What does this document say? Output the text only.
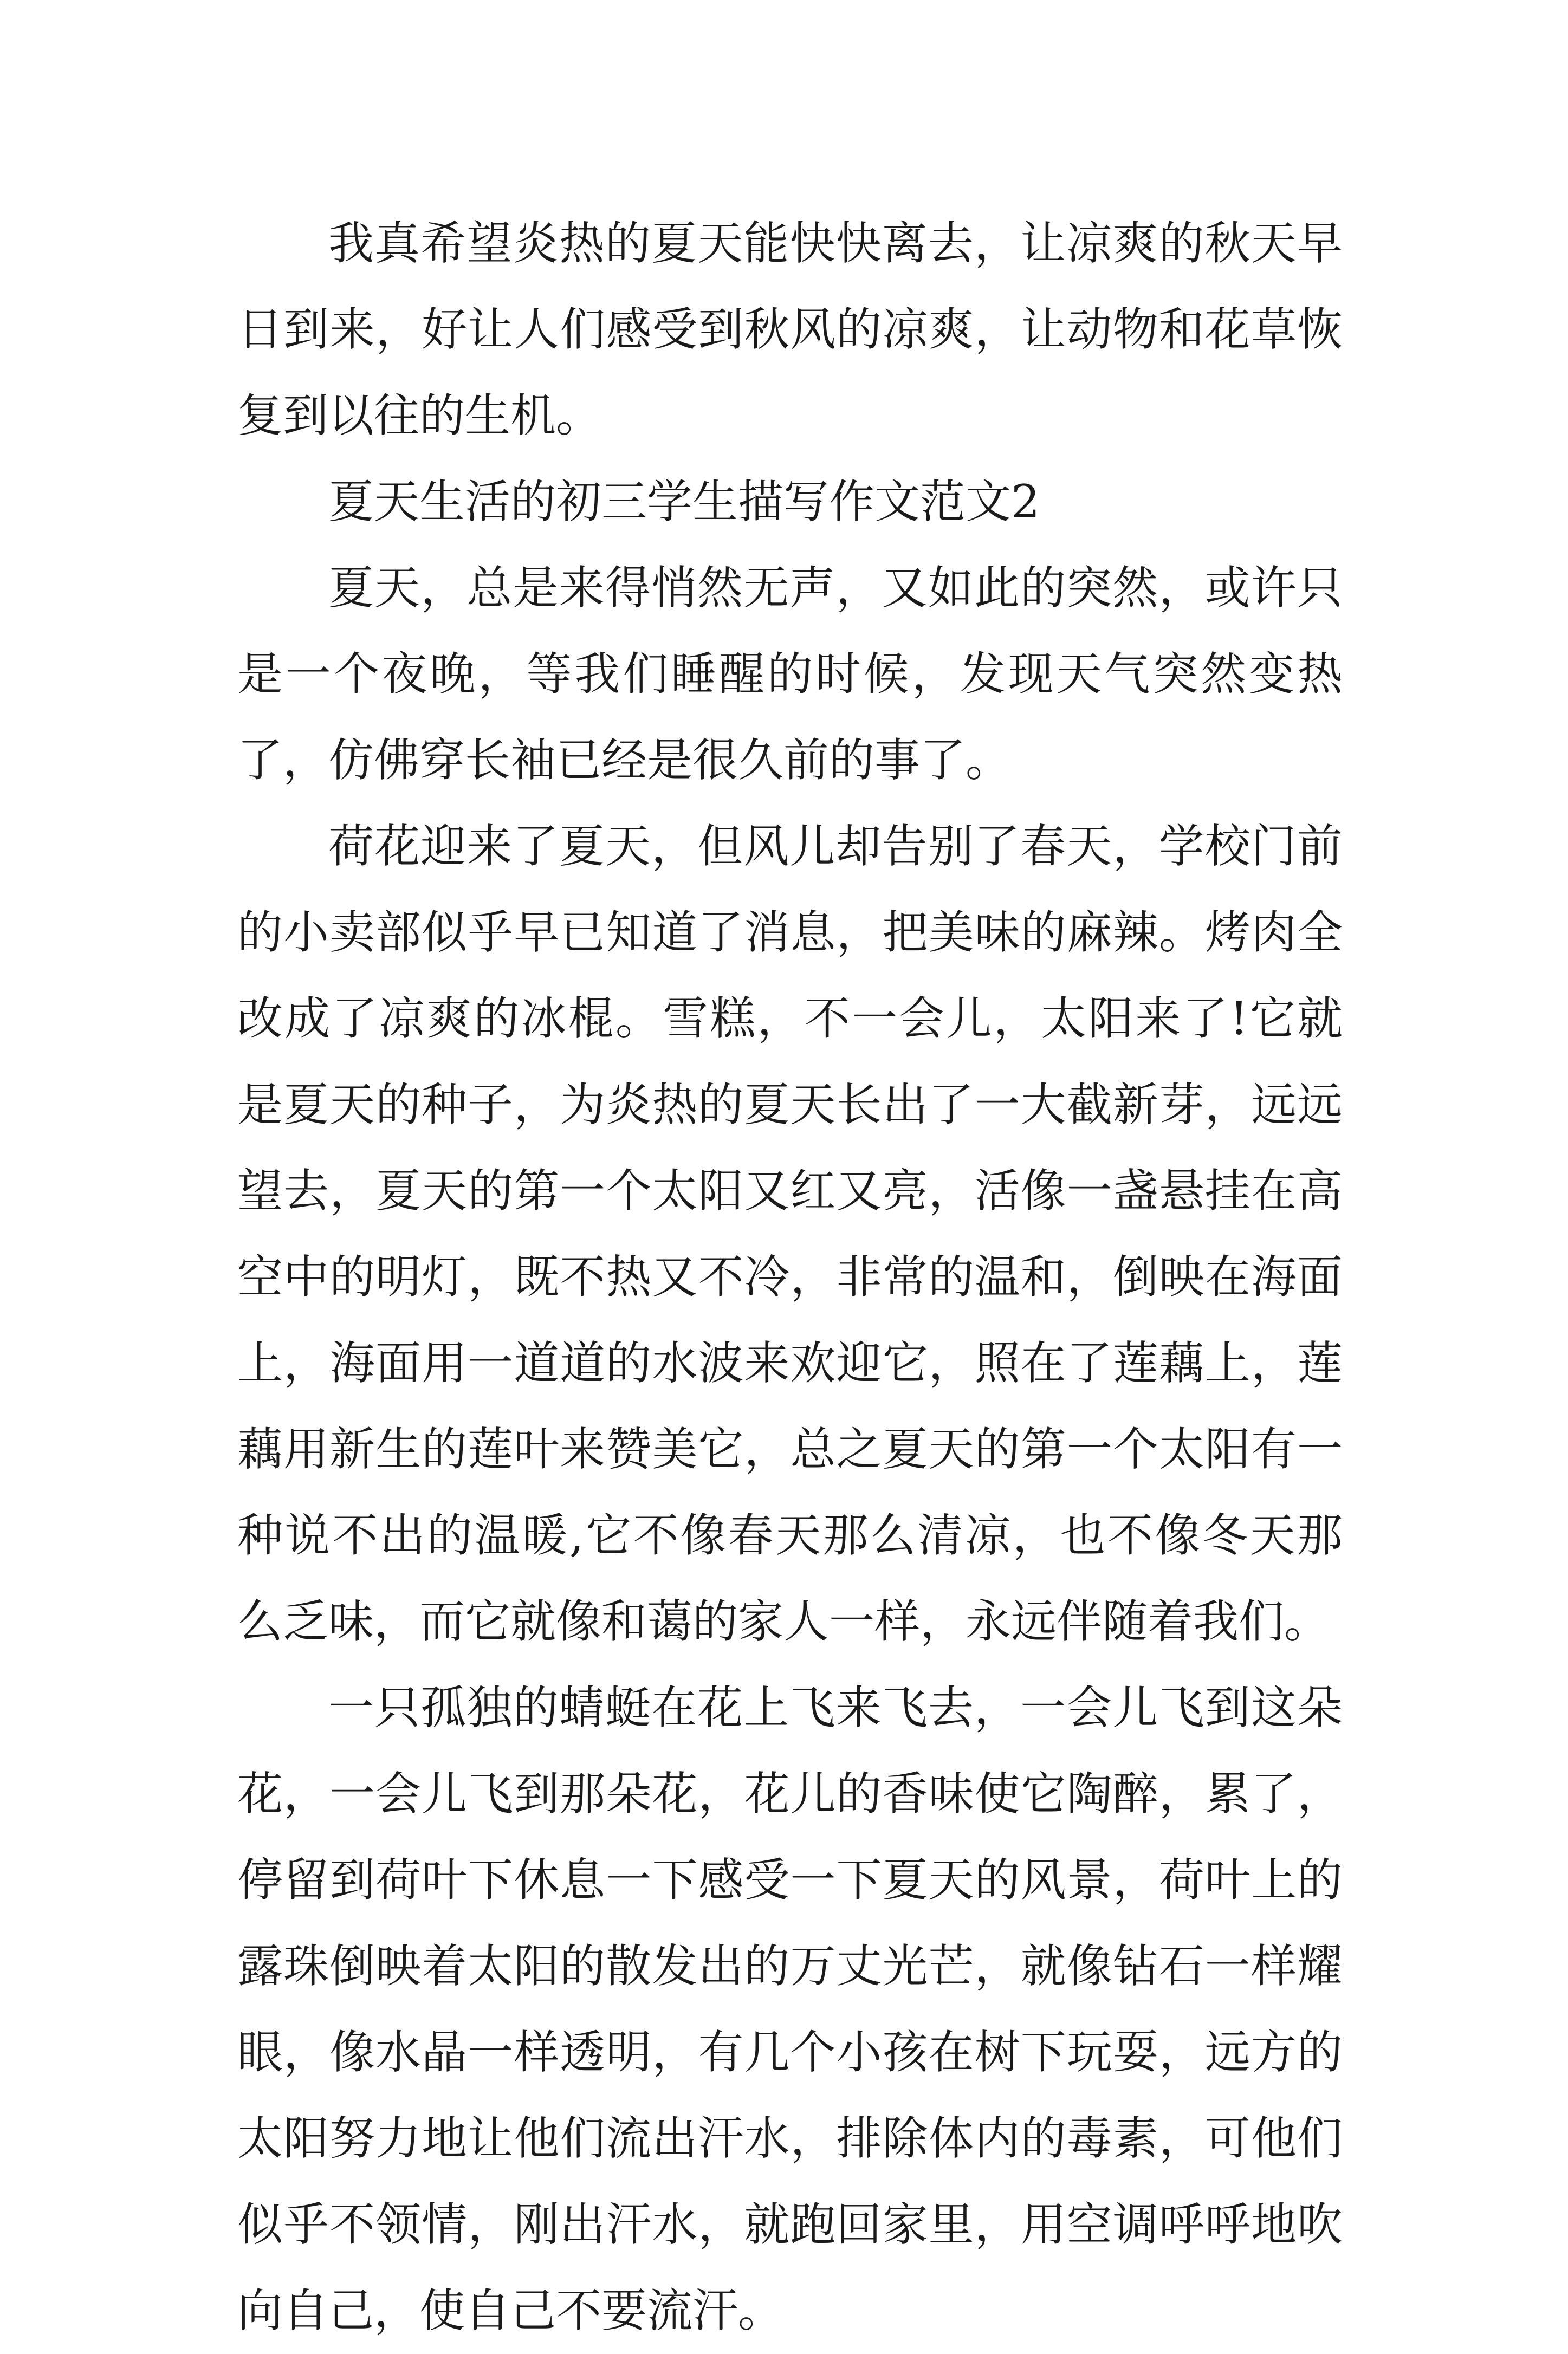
我真希望炎热的夏天能快快离去，让凉爽的秋天早日到来，好让人们感受到秋风的凉爽，让动物和花草恢复到以往的生机。

夏天生活的初三学生描写作文范文2

夏天，总是来得悄然无声，又如此的突然，或许只是一个夜晚，等我们睡醒的时候，发现天气突然变热了，仿佛穿长袖已经是很久前的事了。

荷花迎来了夏天，但风儿却告别了春天，学校门前的小卖部似乎早已知道了消息，把美味的麻辣。烤肉全改成了凉爽的冰棍。雪糕，不一会儿，太阳来了!它就是夏天的种子，为炎热的夏天长出了一大截新芽，远远望去，夏天的第一个太阳又红又亮，活像一盏悬挂在高空中的明灯，既不热又不冷，非常的温和，倒映在海面上，海面用一道道的水波来欢迎它，照在了莲藕上，莲藕用新生的莲叶来赞美它，总之夏天的第一个太阳有一种说不出的温暖,它不像春天那么清凉，也不像冬天那么乏味，而它就像和蔼的家人一样，永远伴随着我们。

一只孤独的蜻蜓在花上飞来飞去，一会儿飞到这朵花，一会儿飞到那朵花，花儿的香味使它陶醉，累了，停留到荷叶下休息一下感受一下夏天的风景，荷叶上的露珠倒映着太阳的散发出的万丈光芒，就像钻石一样耀眼，像水晶一样透明，有几个小孩在树下玩耍，远方的太阳努力地让他们流出汗水，排除体内的毒素，可他们似乎不领情，刚出汗水，就跑回家里，用空调呼呼地吹向自己，使自己不要流汗。
